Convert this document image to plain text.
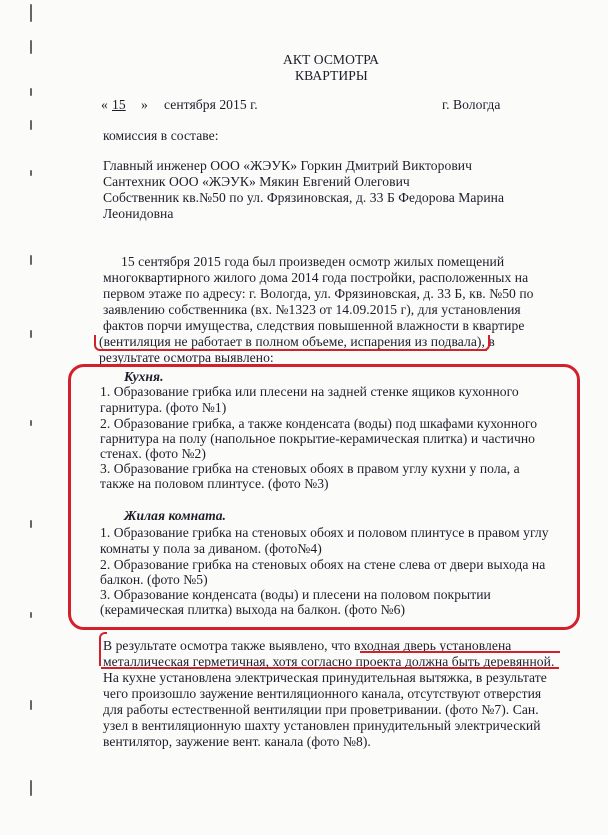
АКТ ОСМОТРА
КВАРТИРЫ
« 15 » сентября 2015 г.	г. Вологда
комиссия в составе:
Главный инженер ООО «ЖЭУК» Горкин Дмитрий Викторович
Сантехник ООО «ЖЭУК» Мякин Евгений Олегович
Собственник кв.№50 по ул. Фрязиновская, д. 33 Б Федорова Марина
Леонидовна
15 сентября 2015 года был произведен осмотр жилых помещений
многоквартирного жилого дома 2014 года постройки, расположенных на
первом этаже по адресу: г. Вологда, ул. Фрязиновская, д. 33 Б, кв. №50 по
заявлению собственника (вх. №1323 от 14.09.2015 г), для установления
фактов порчи имущества, следствия повышенной влажности в квартире
(вентиляция не работает в полном объеме, испарения из подвала), в
результате осмотра выявлено:
Кухня.
1. Образование грибка или плесени на задней стенке ящиков кухонного
гарнитура. (фото №1)
2. Образование грибка, а также конденсата (воды) под шкафами кухонного
гарнитура на полу (напольное покрытие-керамическая плитка) и частично
стенах. (фото №2)
3. Образование грибка на стеновых обоях в правом углу кухни у пола, а
также на половом плинтусе. (фото №3)
Жилая комната.
1. Образование грибка на стеновых обоях и половом плинтусе в правом углу
комнаты у пола за диваном. (фото№4)
2. Образование грибка на стеновых обоях на стене слева от двери выхода на
балкон. (фото №5)
3. Образование конденсата (воды) и плесени на половом покрытии
(керамическая плитка) выхода на балкон. (фото №6)
В результате осмотра также выявлено, что входная дверь установлена
металлическая герметичная, хотя согласно проекта должна быть деревянной.
На кухне установлена электрическая принудительная вытяжка, в результате
чего произошло заужение вентиляционного канала, отсутствуют отверстия
для работы естественной вентиляции при проветривании. (фото №7). Сан.
узел в вентиляционную шахту установлен принудительный электрический
вентилятор, заужение вент. канала (фото №8).
